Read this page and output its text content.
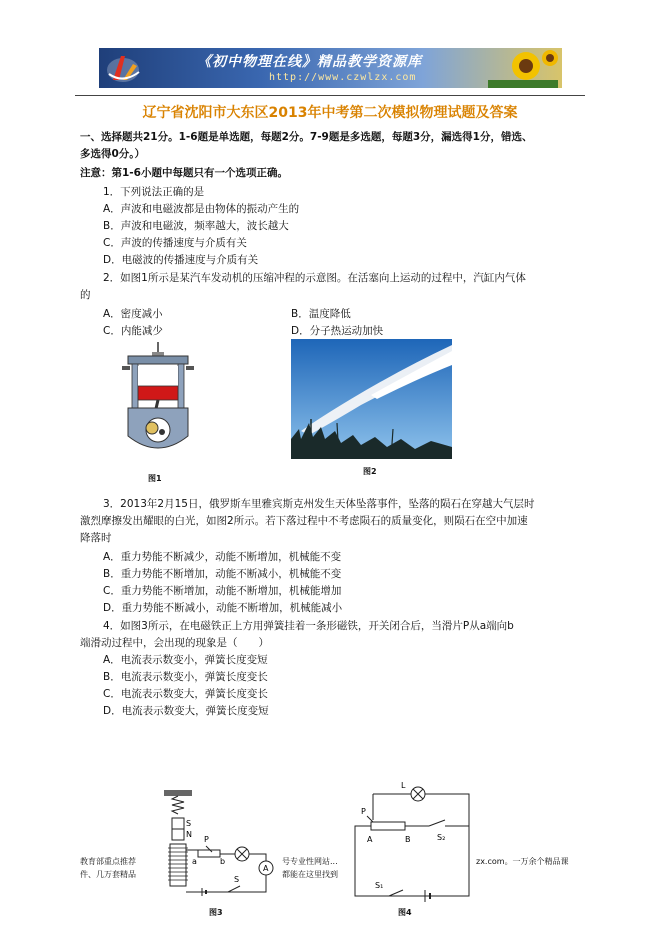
《初中物理在线》精品教学资源库
http://www.czwlzx.com
辽宁省沈阳市大东区2013年中考第二次模拟物理试题及答案
一、选择题共21分。1-6题是单选题，每题2分。7-9题是多选题，每题3分，漏选得1分，错选、
多选得0分。）
注意：第1-6小题中每题只有一个选项正确。
1．下列说法正确的是
A．声波和电磁波都是由物体的振动产生的
B．声波和电磁波，频率越大，波长越大
C．声波的传播速度与介质有关
D．电磁波的传播速度与介质有关
2．如图1所示是某汽车发动机的压缩冲程的示意图。在活塞向上运动的过程中，汽缸内气体
的
A．密度减小	B．温度降低
C．内能减少	D．分子热运动加快
图1
图2
3．2013年2月15日，俄罗斯车里雅宾斯克州发生天体坠落事件，坠落的陨石在穿越大气层时
激烈摩擦发出耀眼的白光，如图2所示。若下落过程中不考虑陨石的质量变化，则陨石在空中加速
降落时
A．重力势能不断减少，动能不断增加，机械能不变
B．重力势能不断增加，动能不断减小，机械能不变
C．重力势能不断增加，动能不断增加，机械能增加
D．重力势能不断减小，动能不断增加，机械能减小
4．如图3所示，在电磁铁正上方用弹簧挂着一条形磁铁，开关闭合后，当滑片P从a端向b
端滑动过程中，会出现的现象是（　　）
A．电流表示数变小，弹簧长度变短
B．电流表示数变小，弹簧长度变长
C．电流表示数变大，弹簧长度变长
D．电流表示数变大，弹簧长度变短
S
N
P
a	b
A
S
图3
L
P
A	B	S₂
S₁
图4
教育部重点推荐
件、几万套精品
号专业性网站...
都能在这里找到
zx.com。一万余个精品课
